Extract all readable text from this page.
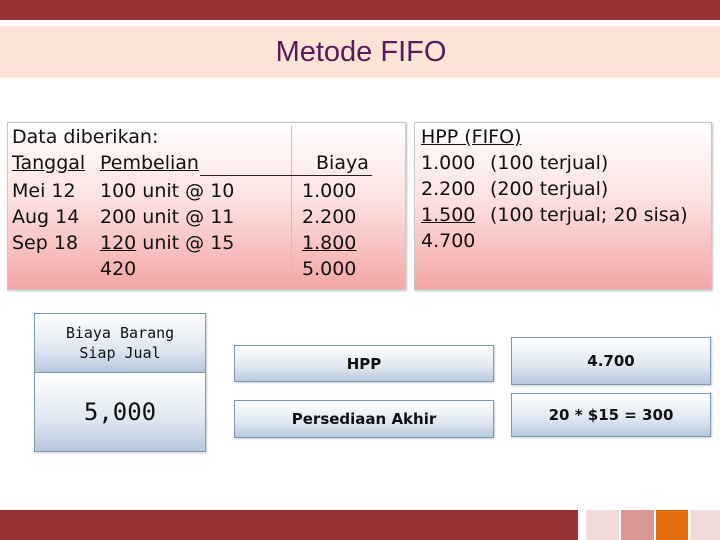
Metode FIFO
Data diberikan:
Tanggal Pembelian	Biaya
Mei 12 100 unit @ 10	1.000
Aug 14 200 unit @ 11	2.200
Sep 18 120 unit @ 15	1.800
420	5.000
HPP (FIFO)
1.000 (100 terjual)
2.200 (200 terjual)
1.500 (100 terjual; 20 sisa)
4.700
Biaya Barang
Siap Jual
5,000
HPP
Persediaan Akhir
4.700
20 * $15 = 300
